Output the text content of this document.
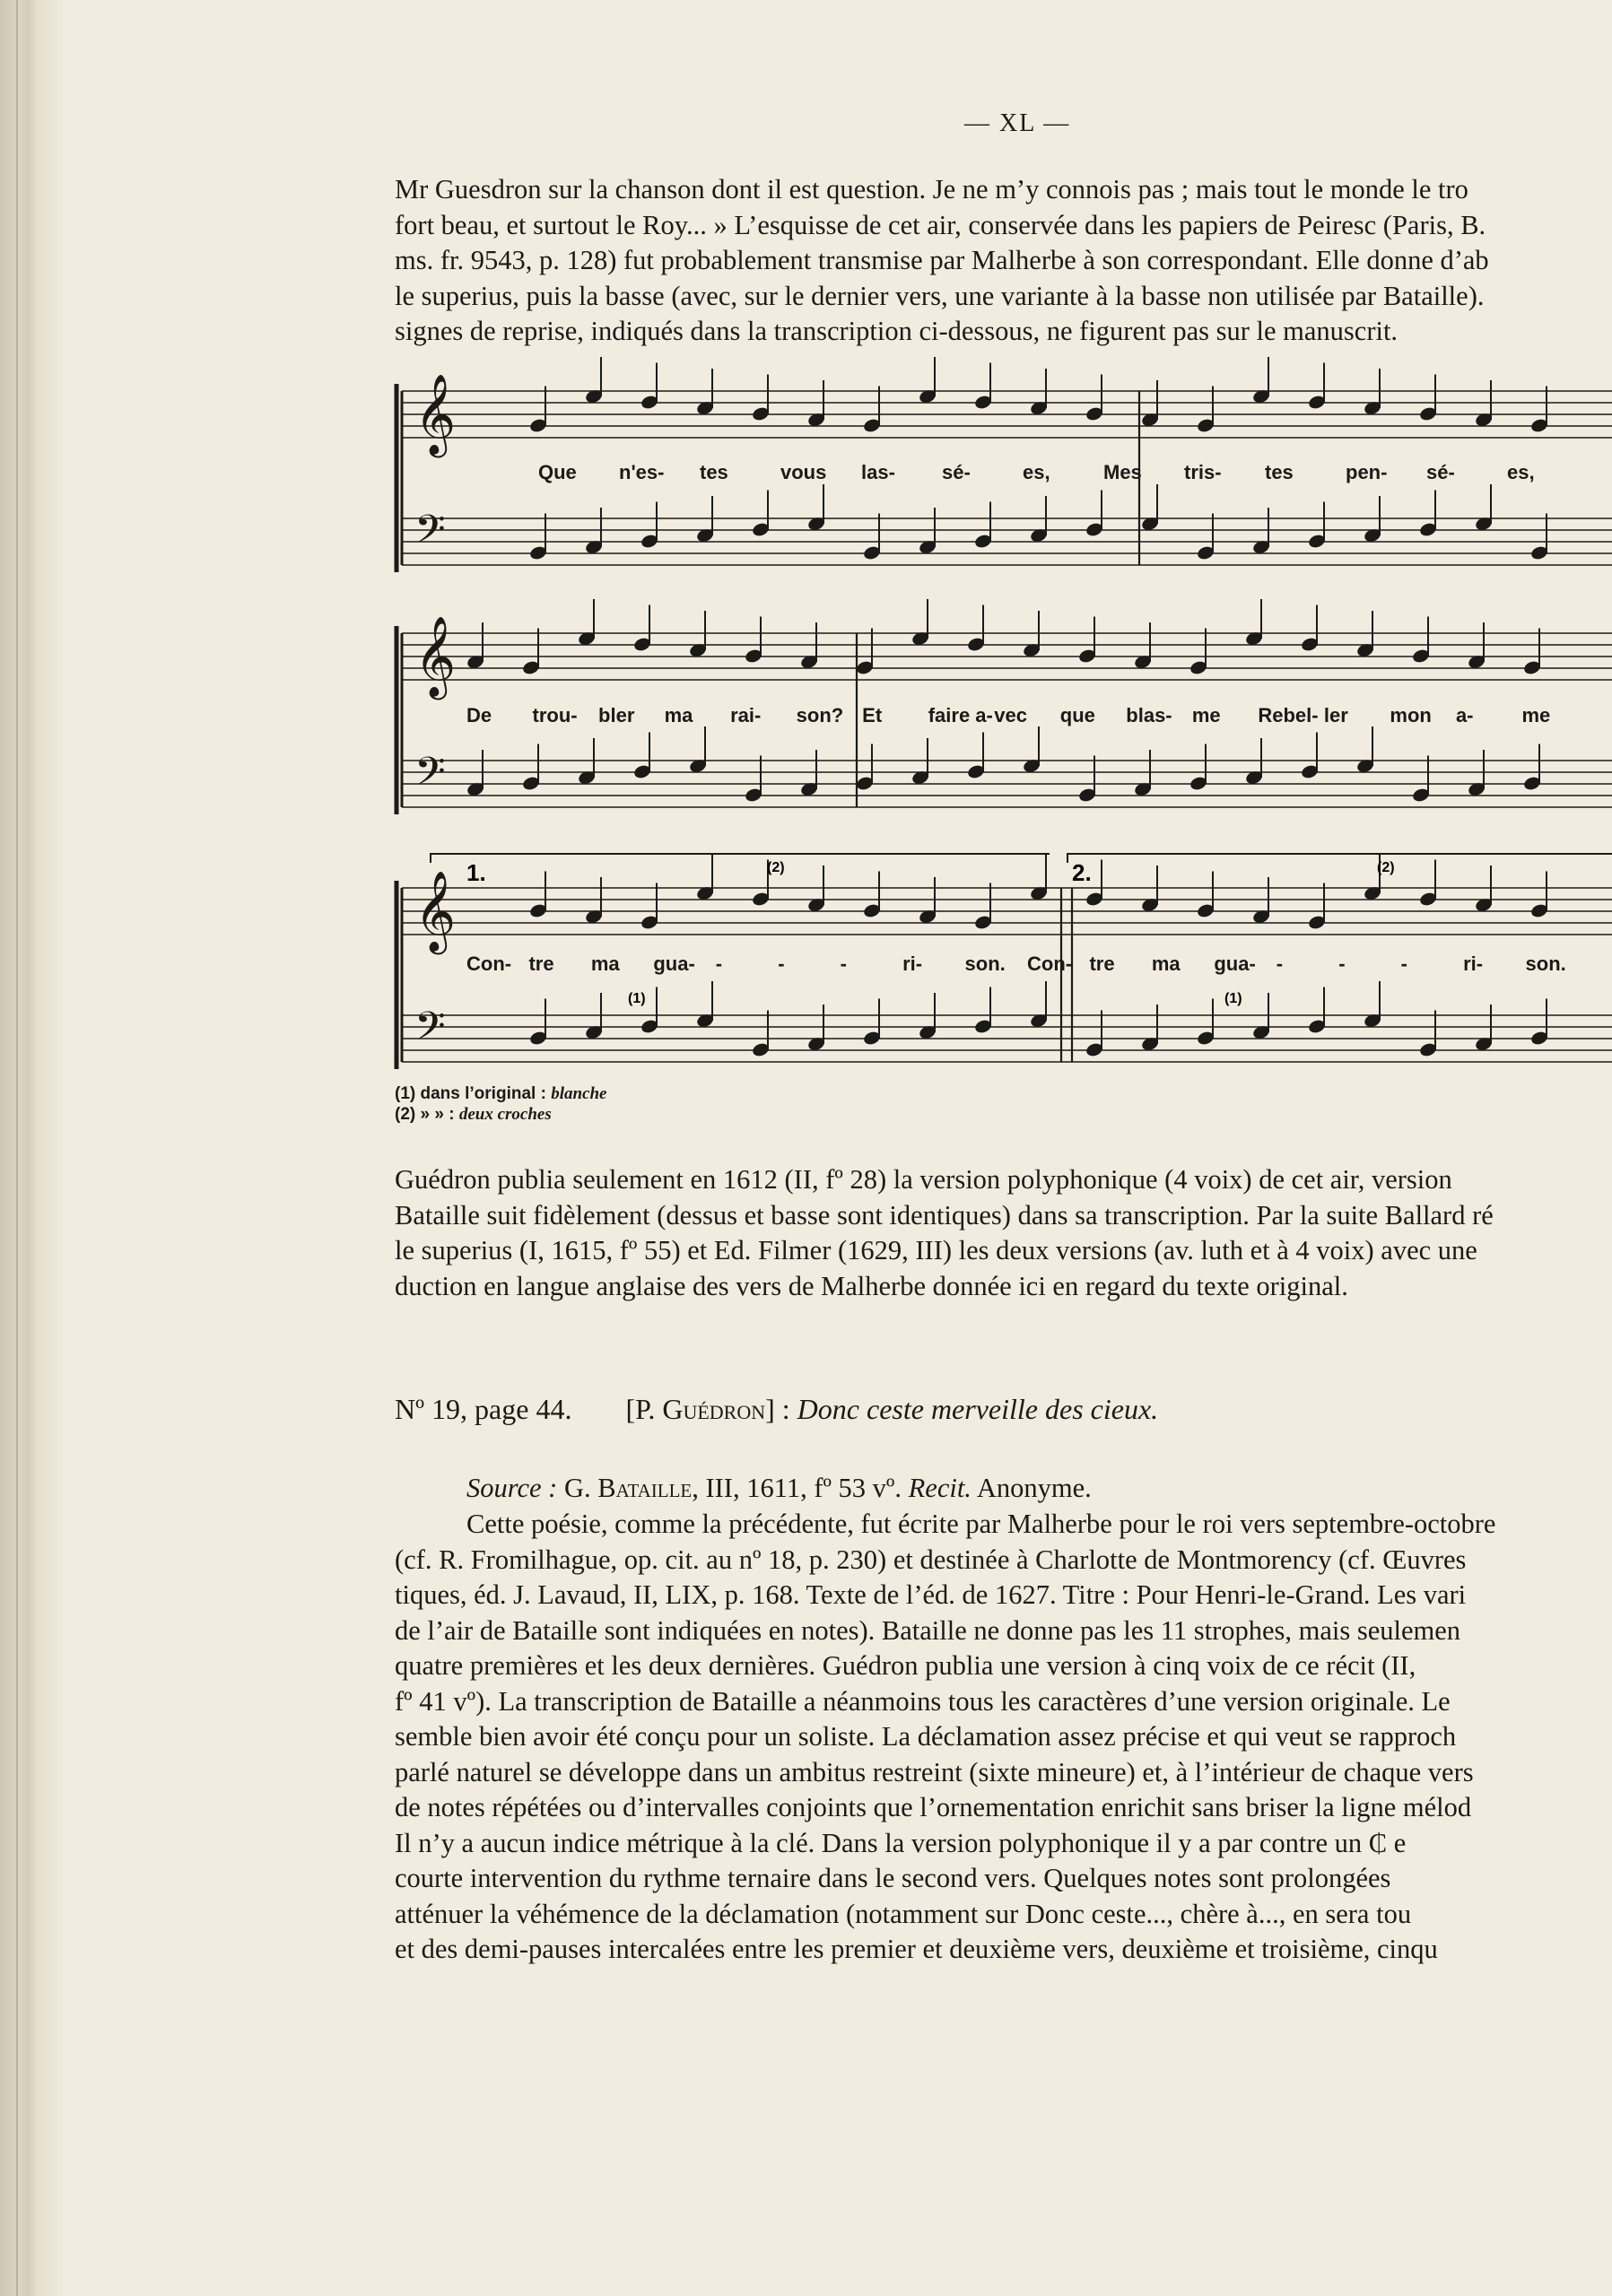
— XL —
Mr Guesdron sur la chanson dont il est question. Je ne m’y connois pas ; mais tout le monde le tro
fort beau, et surtout le Roy... » L’esquisse de cet air, conservée dans les papiers de Peiresc (Paris, B.
ms. fr. 9543, p. 128) fut probablement transmise par Malherbe à son correspondant. Elle donne d’ab
le superius, puis la basse (avec, sur le dernier vers, une variante à la basse non utilisée par Bataille).
signes de reprise, indiqués dans la transcription ci-dessous, ne figurent pas sur le manuscrit.
𝄞
𝄢
𝄞
𝄢
𝄞
𝄢
Que n'es- tes	vous las- sé-	es,	Mes tris- tes	pen- sé-	es,
De trou- bler ma rai- son? Et faire a- vec que blas- me Rebel- ler mon a- me
Con- tre ma gua- -	-	-	ri- son. Con- tre ma gua- -	-	-	ri- son.
1.	2.
(2)	(2)
(1)	(1)
(1) dans l’original : blanche
(2) » » : deux croches
Guédron publia seulement en 1612 (II, fº 28) la version polyphonique (4 voix) de cet air, version
Bataille suit fidèlement (dessus et basse sont identiques) dans sa transcription. Par la suite Ballard ré
le superius (I, 1615, fº 55) et Ed. Filmer (1629, III) les deux versions (av. luth et à 4 voix) avec une
duction en langue anglaise des vers de Malherbe donnée ici en regard du texte original.
Nº 19, page 44. [P. Guédron] : Donc ceste merveille des cieux.
Source : G. Bataille, III, 1611, fº 53 vº. Recit. Anonyme.
Cette poésie, comme la précédente, fut écrite par Malherbe pour le roi vers septembre-octobre
(cf. R. Fromilhague, op. cit. au nº 18, p. 230) et destinée à Charlotte de Montmorency (cf. Œuvres
tiques, éd. J. Lavaud, II, LIX, p. 168. Texte de l’éd. de 1627. Titre : Pour Henri-le-Grand. Les vari
de l’air de Bataille sont indiquées en notes). Bataille ne donne pas les 11 strophes, mais seulemen
quatre premières et les deux dernières. Guédron publia une version à cinq voix de ce récit (II,
fº 41 vº). La transcription de Bataille a néanmoins tous les caractères d’une version originale. Le
semble bien avoir été conçu pour un soliste. La déclamation assez précise et qui veut se rapproch
parlé naturel se développe dans un ambitus restreint (sixte mineure) et, à l’intérieur de chaque vers
de notes répétées ou d’intervalles conjoints que l’ornementation enrichit sans briser la ligne mélod
Il n’y a aucun indice métrique à la clé. Dans la version polyphonique il y a par contre un ₵ e
courte intervention du rythme ternaire dans le second vers. Quelques notes sont prolongées
atténuer la véhémence de la déclamation (notamment sur Donc ceste..., chère à..., en sera tou
et des demi-pauses intercalées entre les premier et deuxième vers, deuxième et troisième, cinqu
